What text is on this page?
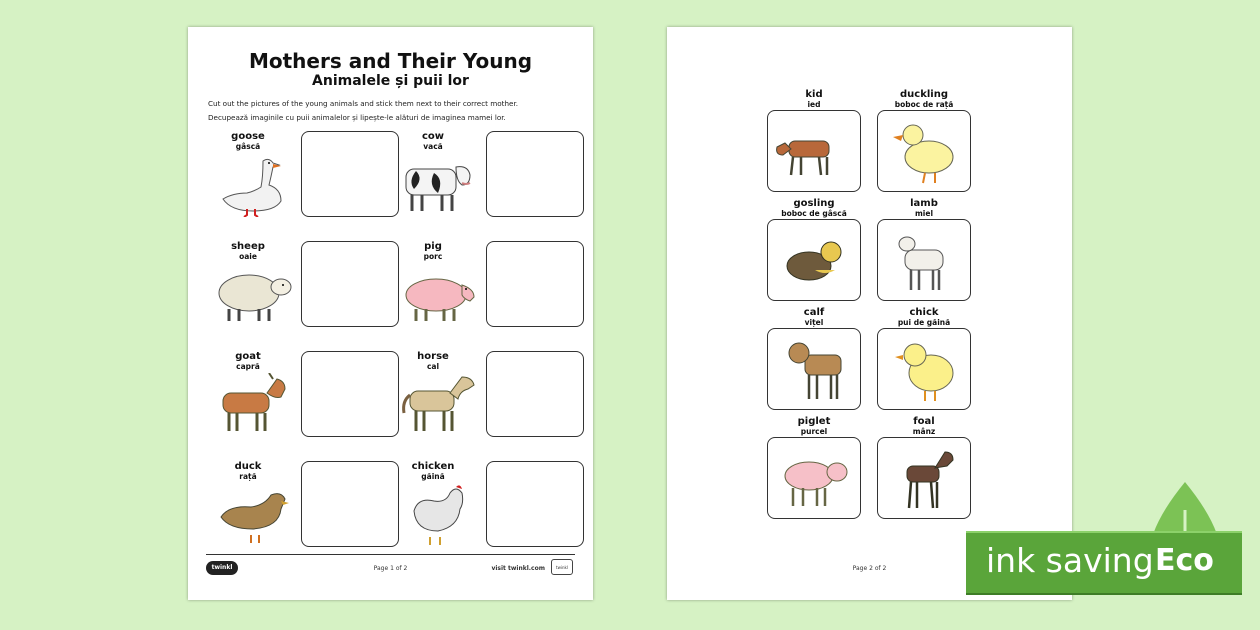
Mothers and Their Young
Animalele și puii lor
Cut out the pictures of the young animals and stick them next to their correct mother.
Decupează imaginile cu puii animalelor și lipește-le alături de imaginea mamei lor.
goose
gâscă
cow
vacă
sheep
oaie
pig
porc
goat
capră
horse
cal
duck
rață
chicken
găină
twinkl	Page 1 of 2	visit twinkl.com	twinkl
kid
ied
duckling
boboc de rață
gosling
boboc de gâscă
lamb
miel
calf
vițel
chick
pui de găină
piglet
purcel
foal
mânz
Page 2 of 2	ink saving Eco
